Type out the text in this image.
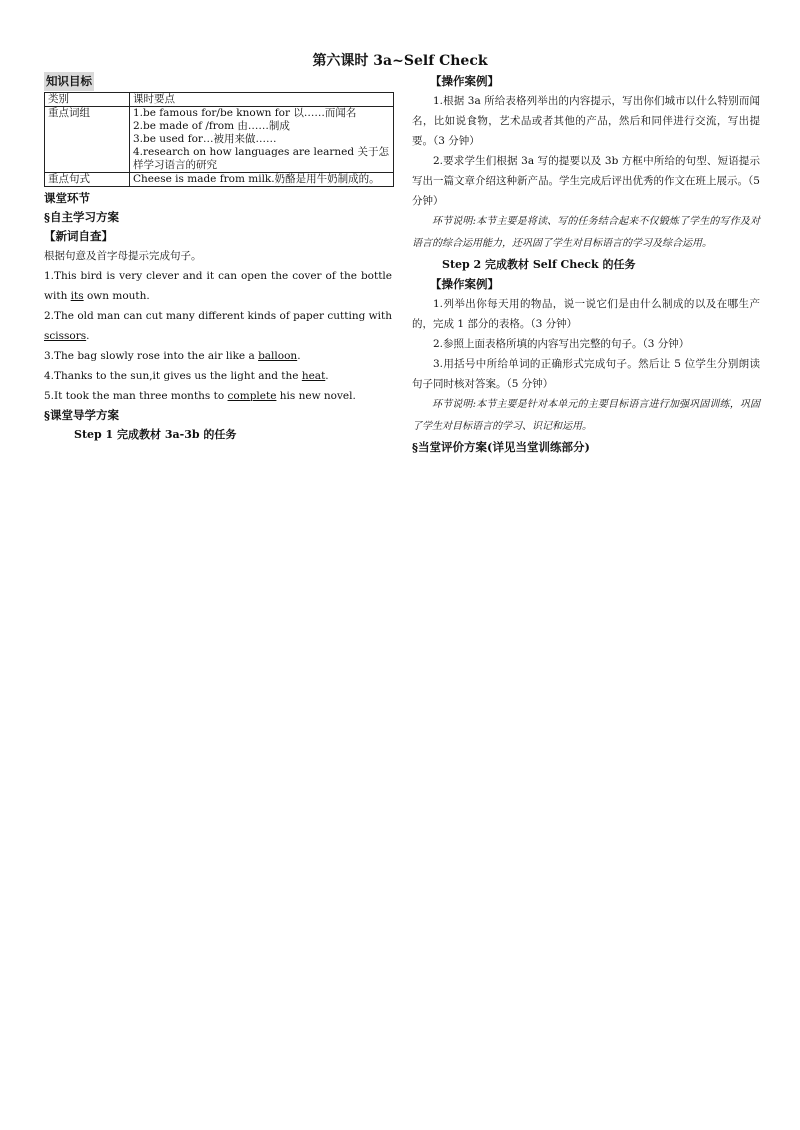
第六课时 3a~Self Check
知识目标
类别	课时要点
重点词组	1.be famous for/be known for 以……而闻名
2.be made of /from 由……制成
3.be used for…被用来做……
4.research on how languages are learned 关于怎样学习语言的研究

重点句式	Cheese is made from milk.奶酪是用牛奶制成的。
课堂环节
§自主学习方案
【新词自查】
根据句意及首字母提示完成句子。
1.This bird is very clever and it can open the cover of the bottle with its own mouth.
2.The old man can cut many different kinds of paper cutting with scissors.
3.The bag slowly rose into the air like a balloon.
4.Thanks to the sun,it gives us the light and the heat.
5.It took the man three months to complete his new novel.
§课堂导学方案
Step 1 完成教材 3a-3b 的任务
【操作案例】
1.根据 3a 所给表格列举出的内容提示，写出你们城市以什么特别而闻名，比如说食物，艺术品或者其他的产品，然后和同伴进行交流，写出提要。（3 分钟）
2.要求学生们根据 3a 写的提要以及 3b 方框中所给的句型、短语提示写出一篇文章介绍这种新产品。学生完成后评出优秀的作文在班上展示。（5 分钟）
环节说明:本节主要是将读、写的任务结合起来不仅锻炼了学生的写作及对语言的综合运用能力，还巩固了学生对目标语言的学习及综合运用。
Step 2 完成教材 Self Check 的任务
【操作案例】
1.列举出你每天用的物品，说一说它们是由什么制成的以及在哪生产的，完成 1 部分的表格。（3 分钟）
2.参照上面表格所填的内容写出完整的句子。（3 分钟）
3.用括号中所给单词的正确形式完成句子。然后让 5 位学生分别朗读句子同时核对答案。（5 分钟）
环节说明:本节主要是针对本单元的主要目标语言进行加强巩固训练，巩固了学生对目标语言的学习、识记和运用。
§当堂评价方案(详见当堂训练部分)
